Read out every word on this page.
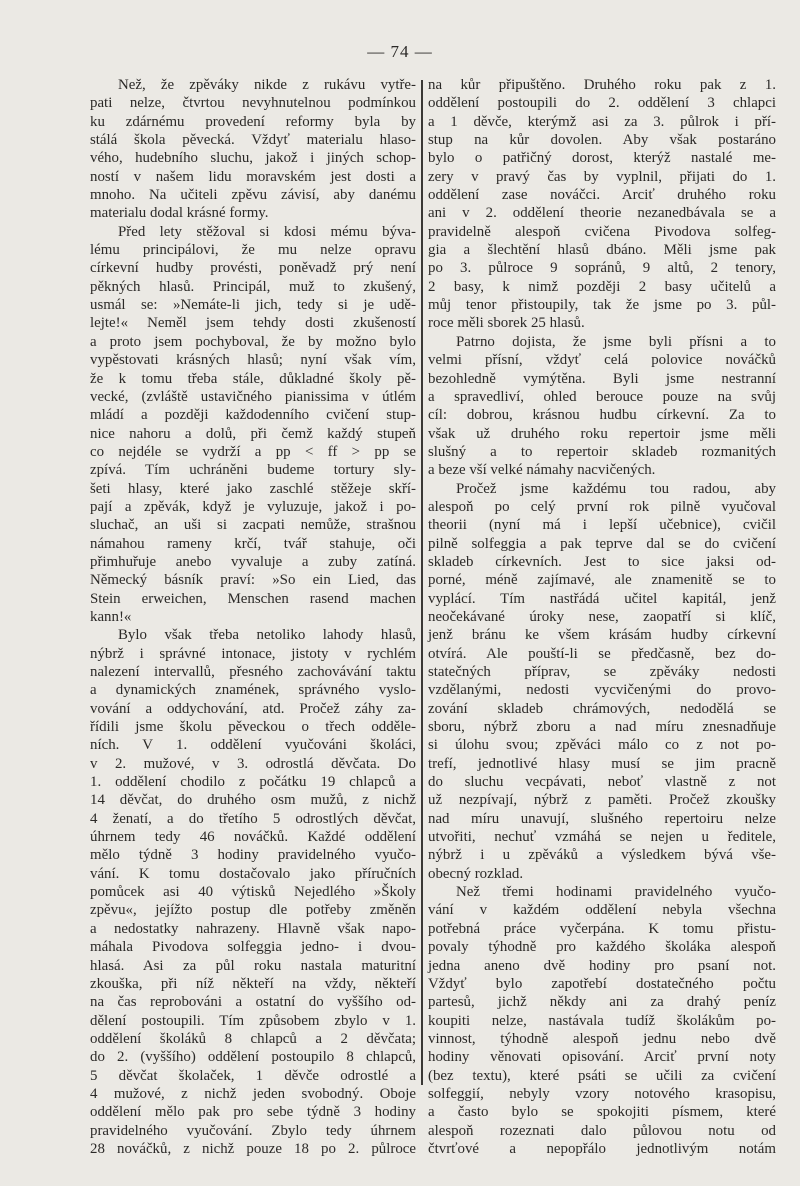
— 74 —
Než, že zpěváky nikde z rukávu vytře-
pati nelze, čtvrtou nevyhnutelnou podmínkou
ku zdárnému provedení reformy byla by
stálá škola pěvecká. Vždyť materialu hlaso-
vého, hudebního sluchu, jakož i jiných schop-
ností v našem lidu moravském jest dosti a
mnoho. Na učiteli zpěvu závisí, aby danému
materialu dodal krásné formy.
Před lety stěžoval si kdosi mému býva-
lému principálovi, že mu nelze opravu
církevní hudby provésti, poněvadž prý není
pěkných hlasů. Principál, muž to zkušený,
usmál se: »Nemáte-li jich, tedy si je udě-
lejte!« Neměl jsem tehdy dosti zkušeností
a proto jsem pochyboval, že by možno bylo
vypěstovati krásných hlasů; nyní však vím,
že k tomu třeba stále, důkladné školy pě-
vecké, (zvláště ustavičného pianissima v útlém
mládí a později každodenního cvičení stup-
nice nahoru a dolů, při čemž každý stupeň
co nejdéle se vydrží a pp < ff > pp se
zpívá. Tím uchráněni budeme tortury sly-
šeti hlasy, které jako zaschlé stěžeje skří-
pají a zpěvák, když je vyluzuje, jakož i po-
sluchač, an uši si zacpati nemůže, strašnou
námahou rameny krčí, tvář stahuje, oči
přimhuřuje anebo vyvaluje a zuby zatíná.
Německý básník praví: »So ein Lied, das
Stein erweichen, Menschen rasend machen
kann!«
Bylo však třeba netoliko lahody hlasů,
nýbrž i správné intonace, jistoty v rychlém
nalezení intervallů, přesného zachovávání taktu
a dynamických znamének, správného vyslo-
vování a oddychování, atd. Pročež záhy za-
řídili jsme školu pěveckou o třech odděle-
ních. V 1. oddělení vyučováni školáci,
v 2. mužové, v 3. odrostlá děvčata. Do
1. oddělení chodilo z počátku 19 chlapců a
14 děvčat, do druhého osm mužů, z nichž
4 ženatí, a do třetího 5 odrostlých děvčat,
úhrnem tedy 46 nováčků. Každé oddělení
mělo týdně 3 hodiny pravidelného vyučo-
vání. K tomu dostačovalo jako příručních
pomůcek asi 40 výtisků Nejedlého »Školy
zpěvu«, jejížto postup dle potřeby změněn
a nedostatky nahrazeny. Hlavně však napo-
máhala Pivodova solfeggia jedno- i dvou-
hlasá. Asi za půl roku nastala maturitní
zkouška, při níž někteří na vždy, někteří
na čas reprobováni a ostatní do vyššího od-
dělení postoupili. Tím způsobem zbylo v 1.
oddělení školáků 8 chlapců a 2 děvčata;
do 2. (vyššího) oddělení postoupilo 8 chlapců,
5 děvčat školaček, 1 děvče odrostlé a
4 mužové, z nichž jeden svobodný. Oboje
oddělení mělo pak pro sebe týdně 3 hodiny
pravidelného vyučování. Zbylo tedy úhrnem
28 nováčků, z nichž pouze 18 po 2. půlroce
na kůr připuštěno. Druhého roku pak z 1.
oddělení postoupili do 2. oddělení 3 chlapci
a 1 děvče, kterýmž asi za 3. půlrok i pří-
stup na kůr dovolen. Aby však postaráno
bylo o patřičný dorost, kterýž nastalé me-
zery v pravý čas by vyplnil, přijati do 1.
oddělení zase nováčci. Arciť druhého roku
ani v 2. oddělení theorie nezanedbávala se a
pravidelně alespoň cvičena Pivodova solfeg-
gia a šlechtění hlasů dbáno. Měli jsme pak
po 3. půlroce 9 sopránů, 9 altů, 2 tenory,
2 basy, k nimž později 2 basy učitelů a
můj tenor přistoupily, tak že jsme po 3. půl-
roce měli sborek 25 hlasů.
Patrno dojista, že jsme byli přísni a to
velmi přísní, vždyť celá polovice nováčků
bezohledně vymýtěna. Byli jsme nestranní
a spravedliví, ohled berouce pouze na svůj
cíl: dobrou, krásnou hudbu církevní. Za to
však už druhého roku repertoir jsme měli
slušný a to repertoir skladeb rozmanitých
a beze vší velké námahy nacvičených.
Pročež jsme každému tou radou, aby
alespoň po celý první rok pilně vyučoval
theorii (nyní má i lepší učebnice), cvičil
pilně solfeggia a pak teprve dal se do cvičení
skladeb církevních. Jest to sice jaksi od-
porné, méně zajímavé, ale znamenitě se to
vyplácí. Tím nastřádá učitel kapitál, jenž
neočekávané úroky nese, zaopatří si klíč,
jenž bránu ke všem krásám hudby církevní
otvírá. Ale pouští-li se předčasně, bez do-
statečných příprav, se zpěváky nedosti
vzdělanými, nedosti vycvičenými do provo-
zování skladeb chrámových, nedodělá se
sboru, nýbrž zboru a nad míru znesnadňuje
si úlohu svou; zpěváci málo co z not po-
trefí, jednotlivé hlasy musí se jim pracně
do sluchu vecpávati, neboť vlastně z not
už nezpívají, nýbrž z paměti. Pročež zkoušky
nad míru unavují, slušného repertoiru nelze
utvořiti, nechuť vzmáhá se nejen u ředitele,
nýbrž i u zpěváků a výsledkem bývá vše-
obecný rozklad.
Než třemi hodinami pravidelného vyučo-
vání v každém oddělení nebyla všechna
potřebná práce vyčerpána. K tomu přistu-
povaly týhodně pro každého školáka alespoň
jedna aneno dvě hodiny pro psaní not.
Vždyť bylo zapotřebí dostatečného počtu
partesů, jichž někdy ani za drahý peníz
koupiti nelze, nastávala tudíž školákům po-
vinnost, týhodně alespoň jednu nebo dvě
hodiny věnovati opisování. Arciť první noty
(bez textu), které psáti se učili za cvičení
solfeggií, nebyly vzory notového krasopisu,
a často bylo se spokojiti písmem, které
alespoň rozeznati dalo půlovou notu od
čtvrťové a nepopřálo jednotlivým notám
